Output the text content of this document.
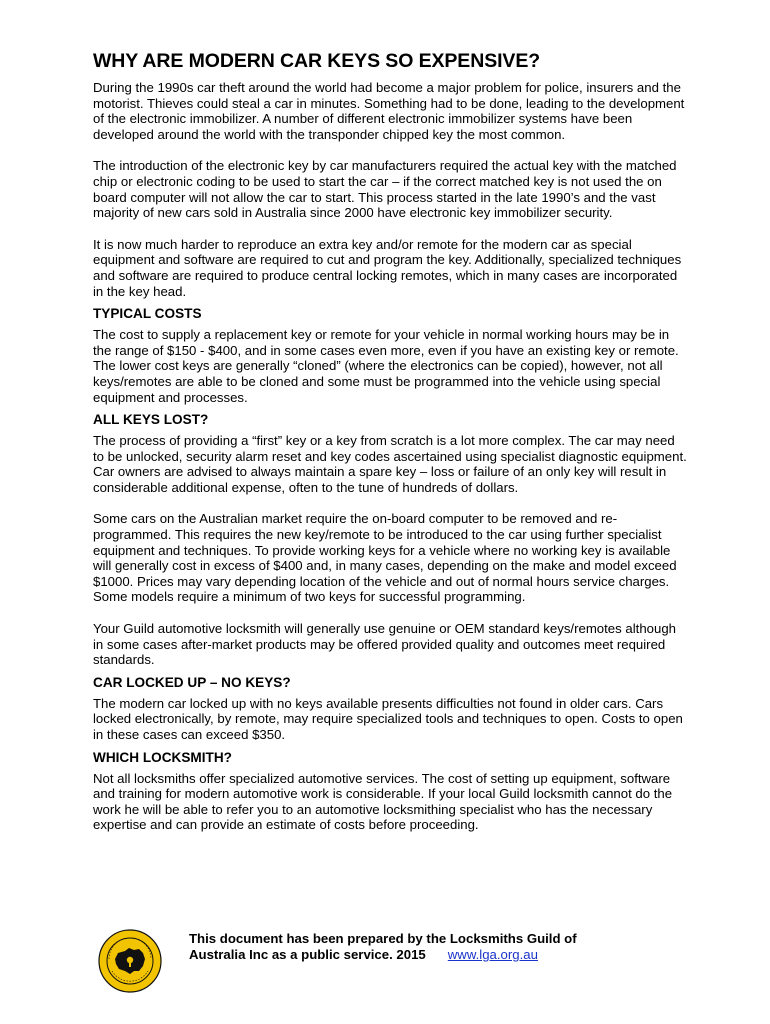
WHY ARE MODERN CAR KEYS SO EXPENSIVE?

During the 1990s car theft around the world had become a major problem for police, insurers and the motorist. Thieves could steal a car in minutes. Something had to be done, leading to the development of the electronic immobilizer. A number of different electronic immobilizer systems have been developed around the world with the transponder chipped key the most common.

The introduction of the electronic key by car manufacturers required the actual key with the matched chip or electronic coding to be used to start the car – if the correct matched key is not used the on board computer will not allow the car to start. This process started in the late 1990’s and the vast majority of new cars sold in Australia since 2000 have electronic key immobilizer security.

It is now much harder to reproduce an extra key and/or remote for the modern car as special equipment and software are required to cut and program the key. Additionally, specialized techniques and software are required to produce central locking remotes, which in many cases are incorporated in the key head.

TYPICAL COSTS

The cost to supply a replacement key or remote for your vehicle in normal working hours may be in the range of $150 - $400, and in some cases even more, even if you have an existing key or remote. The lower cost keys are generally “cloned” (where the electronics can be copied), however, not all keys/remotes are able to be cloned and some must be programmed into the vehicle using special equipment and processes.

ALL KEYS LOST?

The process of providing a “first” key or a key from scratch is a lot more complex. The car may need to be unlocked, security alarm reset and key codes ascertained using specialist diagnostic equipment. Car owners are advised to always maintain a spare key – loss or failure of an only key will result in considerable additional expense, often to the tune of hundreds of dollars.

Some cars on the Australian market require the on-board computer to be removed and re-programmed. This requires the new key/remote to be introduced to the car using further specialist equipment and techniques. To provide working keys for a vehicle where no working key is available will generally cost in excess of $400 and, in many cases, depending on the make and model exceed $1000. Prices may vary depending location of the vehicle and out of normal hours service charges. Some models require a minimum of two keys for successful programming.

Your Guild automotive locksmith will generally use genuine or OEM standard keys/remotes although in some cases after-market products may be offered provided quality and outcomes meet required standards.

CAR LOCKED UP – NO KEYS?

The modern car locked up with no keys available presents difficulties not found in older cars. Cars locked electronically, by remote, may require specialized tools and techniques to open. Costs to open in these cases can exceed $350.

WHICH LOCKSMITH?

Not all locksmiths offer specialized automotive services. The cost of setting up equipment, software and training for modern automotive work is considerable. If your local Guild locksmith cannot do the work he will be able to refer you to an automotive locksmithing specialist who has the necessary expertise and can provide an estimate of costs before proceeding.

This document has been prepared by the Locksmiths Guild of
Australia Inc as a public service. 2015 www.lga.org.au
